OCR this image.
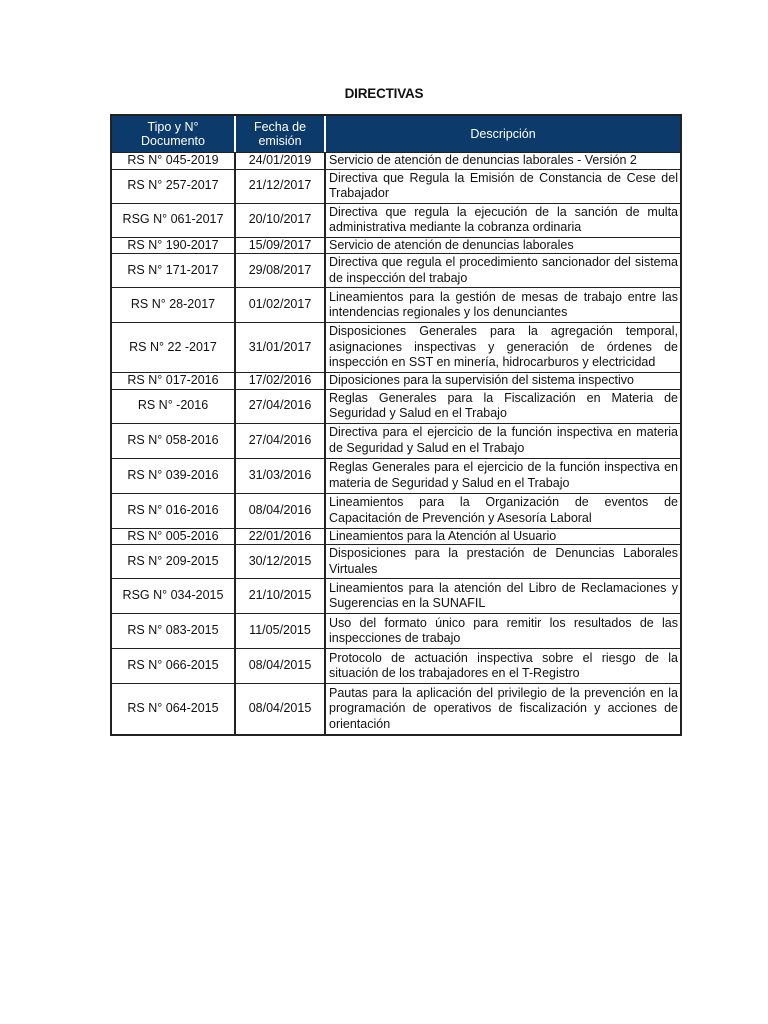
DIRECTIVAS
Tipo y N° Documento	Fecha de emisión	Descripción
RS N° 045-2019	24/01/2019	Servicio de atención de denuncias laborales - Versión 2
RS N° 257-2017	21/12/2017	Directiva que Regula la Emisión de Constancia de Cese del Trabajador
RSG N° 061-2017	20/10/2017	Directiva que regula la ejecución de la sanción de multa administrativa mediante la cobranza ordinaria
RS N° 190-2017	15/09/2017	Servicio de atención de denuncias laborales
RS N° 171-2017	29/08/2017	Directiva que regula el procedimiento sancionador del sistema de inspección del trabajo
RS N° 28-2017	01/02/2017	Lineamientos para la gestión de mesas de trabajo entre las intendencias regionales y los denunciantes
RS N° 22 -2017	31/01/2017	Disposiciones Generales para la agregación temporal, asignaciones inspectivas y generación de órdenes de inspección en SST en minería, hidrocarburos y electricidad
RS N° 017-2016	17/02/2016	Diposiciones para la supervisión del sistema inspectivo
RS N° -2016	27/04/2016	Reglas Generales para la Fiscalización en Materia de Seguridad y Salud en el Trabajo
RS N° 058-2016	27/04/2016	Directiva para el ejercicio de la función inspectiva en materia de Seguridad y Salud en el Trabajo
RS N° 039-2016	31/03/2016	Reglas Generales para el ejercicio de la función inspectiva en materia de Seguridad y Salud en el Trabajo
RS N° 016-2016	08/04/2016	Lineamientos para la Organización de eventos de Capacitación de Prevención y Asesoría Laboral
RS N° 005-2016	22/01/2016	Lineamientos para la Atención al Usuario
RS N° 209-2015	30/12/2015	Disposiciones para la prestación de Denuncias Laborales Virtuales
RSG N° 034-2015	21/10/2015	Lineamientos para la atención del Libro de Reclamaciones y Sugerencias en la SUNAFIL
RS N° 083-2015	11/05/2015	Uso del formato único para remitir los resultados de las inspecciones de trabajo
RS N° 066-2015	08/04/2015	Protocolo de actuación inspectiva sobre el riesgo de la situación de los trabajadores en el T-Registro
RS N° 064-2015	08/04/2015	Pautas para la aplicación del privilegio de la prevención en la programación de operativos de fiscalización y acciones de orientación
